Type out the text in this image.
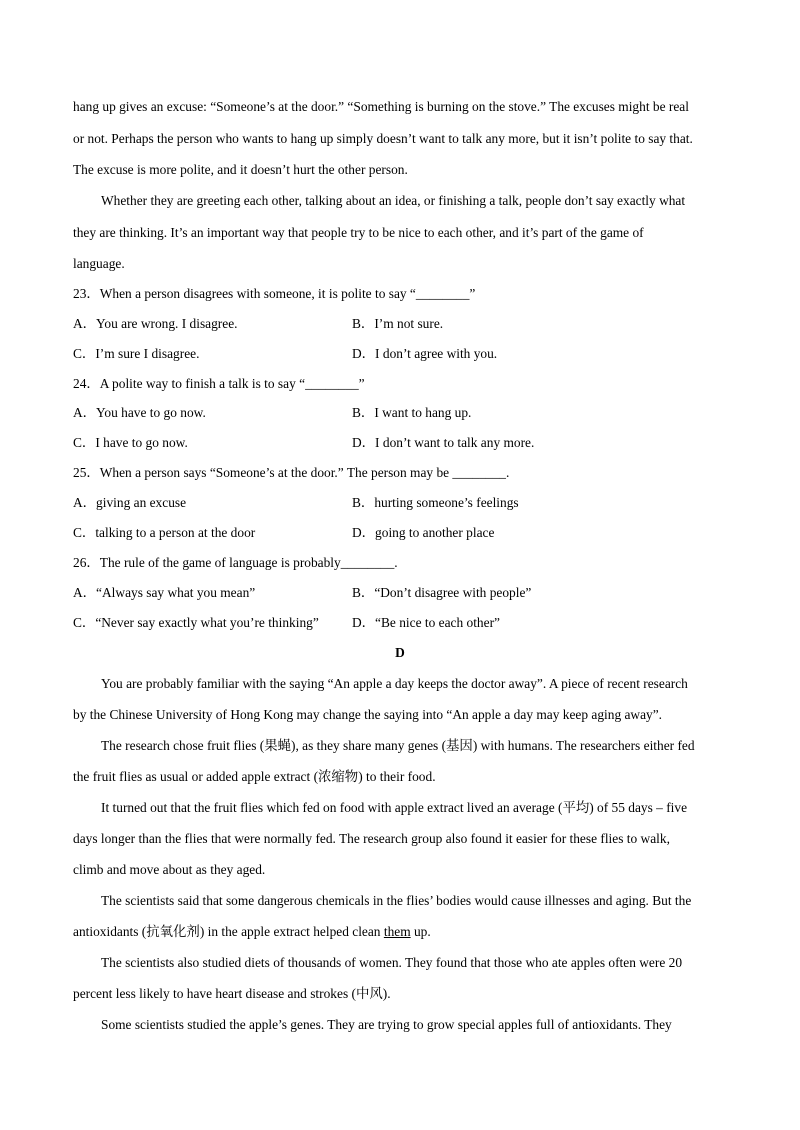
hang up gives an excuse: “Someone’s at the door.” “Something is burning on the stove.” The excuses might be real
or not. Perhaps the person who wants to hang up simply doesn’t want to talk any more, but it isn’t polite to say that.
The excuse is more polite, and it doesn’t hurt the other person.
Whether they are greeting each other, talking about an idea, or finishing a talk, people don’t say exactly what
they are thinking. It’s an important way that people try to be nice to each other, and it’s part of the game of
language.
23．When a person disagrees with someone, it is polite to say “________”
A．You are wrong. I disagree.	B．I’m not sure.
C．I’m sure I disagree.	D．I don’t agree with you.
24．A polite way to finish a talk is to say “________”
A．You have to go now.	B．I want to hang up.
C．I have to go now.	D．I don’t want to talk any more.
25．When a person says “Someone’s at the door.” The person may be ________.
A．giving an excuse	B．hurting someone’s feelings
C．talking to a person at the door	D．going to another place
26．The rule of the game of language is probably________.
A．“Always say what you mean”	B．“Don’t disagree with people”
C．“Never say exactly what you’re thinking” D．“Be nice to each other”
D
You are probably familiar with the saying “An apple a day keeps the doctor away”. A piece of recent research
by the Chinese University of Hong Kong may change the saying into “An apple a day may keep aging away”.
The research chose fruit flies (果蝇), as they share many genes (基因) with humans. The researchers either fed
the fruit flies as usual or added apple extract (浓缩物) to their food.
It turned out that the fruit flies which fed on food with apple extract lived an average (平均) of 55 days – five
days longer than the flies that were normally fed. The research group also found it easier for these flies to walk,
climb and move about as they aged.
The scientists said that some dangerous chemicals in the flies’ bodies would cause illnesses and aging. But the
antioxidants (抗氧化剂) in the apple extract helped clean them up.
The scientists also studied diets of thousands of women. They found that those who ate apples often were 20
percent less likely to have heart disease and strokes (中风).
Some scientists studied the apple’s genes. They are trying to grow special apples full of antioxidants. They
